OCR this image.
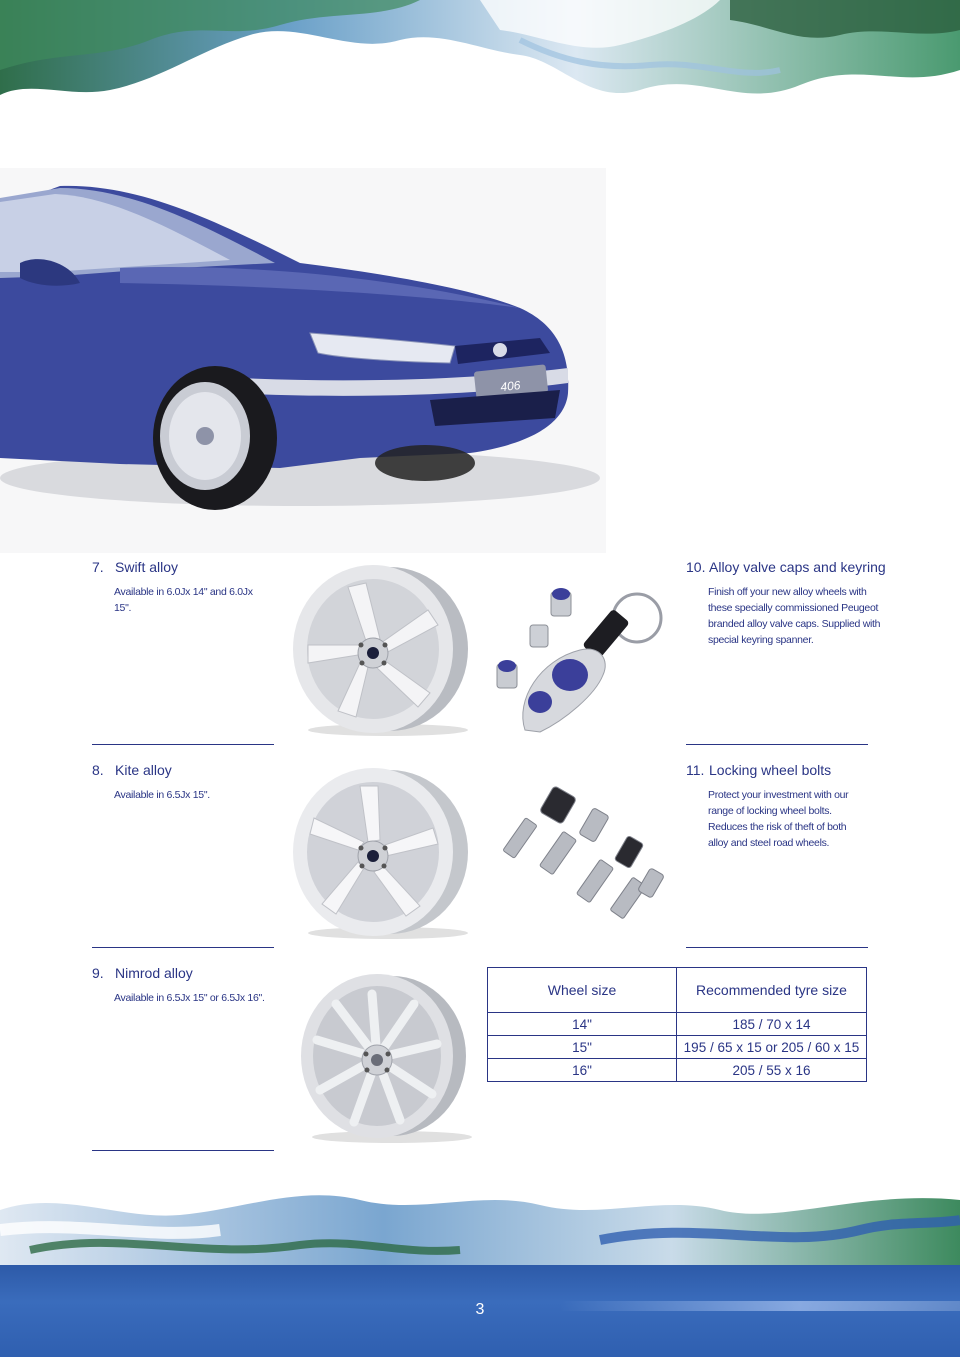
406
7. Swift alloy
Available in 6.0Jx 14" and 6.0Jx 15".
8. Kite alloy
Available in 6.5Jx 15".
9. Nimrod alloy
Available in 6.5Jx 15" or 6.5Jx 16".
10. Alloy valve caps and keyring
Finish off your new alloy wheels with these specially commissioned Peugeot branded alloy valve caps. Supplied with special keyring spanner.
11. Locking wheel bolts
Protect your investment with our range of locking wheel bolts. Reduces the risk of theft of both alloy and steel road wheels.
Wheel size	Recommended tyre size
14"	185 / 70 x 14
15"	195 / 65 x 15 or 205 / 60 x 15
16"	205 / 55 x 16
3
